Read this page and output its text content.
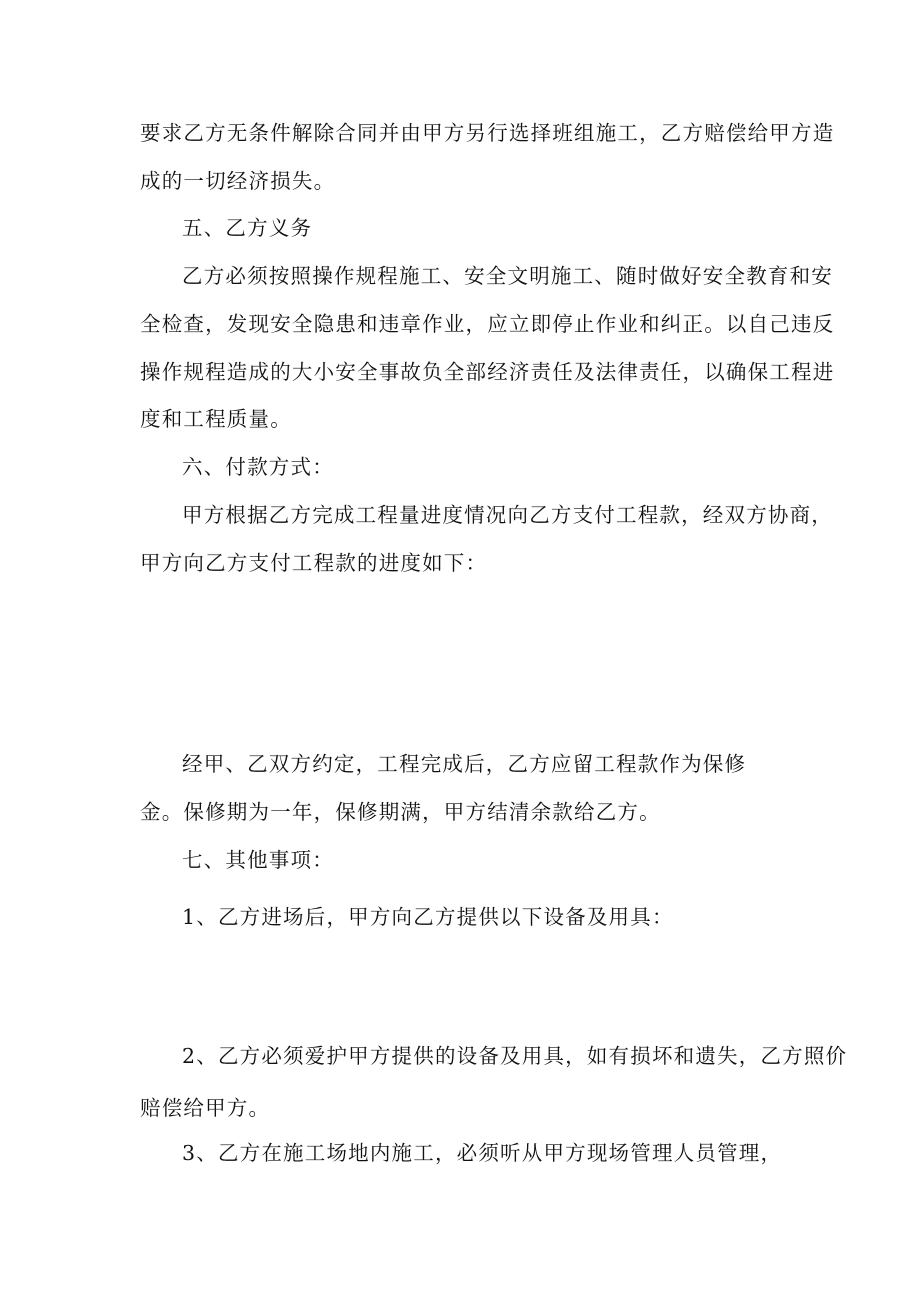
要求乙方无条件解除合同并由甲方另行选择班组施工，乙方赔偿给甲方造
成的一切经济损失。
五、乙方义务
乙方必须按照操作规程施工、安全文明施工、随时做好安全教育和安
全检查，发现安全隐患和违章作业，应立即停止作业和纠正。以自己违反
操作规程造成的大小安全事故负全部经济责任及法律责任，以确保工程进
度和工程质量。
六、付款方式：
甲方根据乙方完成工程量进度情况向乙方支付工程款，经双方协商，
甲方向乙方支付工程款的进度如下：
经甲、乙双方约定，工程完成后，乙方应留工程款作为保修
金。保修期为一年，保修期满，甲方结清余款给乙方。
七、其他事项：
1、乙方进场后，甲方向乙方提供以下设备及用具：
2、乙方必须爱护甲方提供的设备及用具，如有损坏和遗失，乙方照价
赔偿给甲方。
3、乙方在施工场地内施工，必须听从甲方现场管理人员管理，
